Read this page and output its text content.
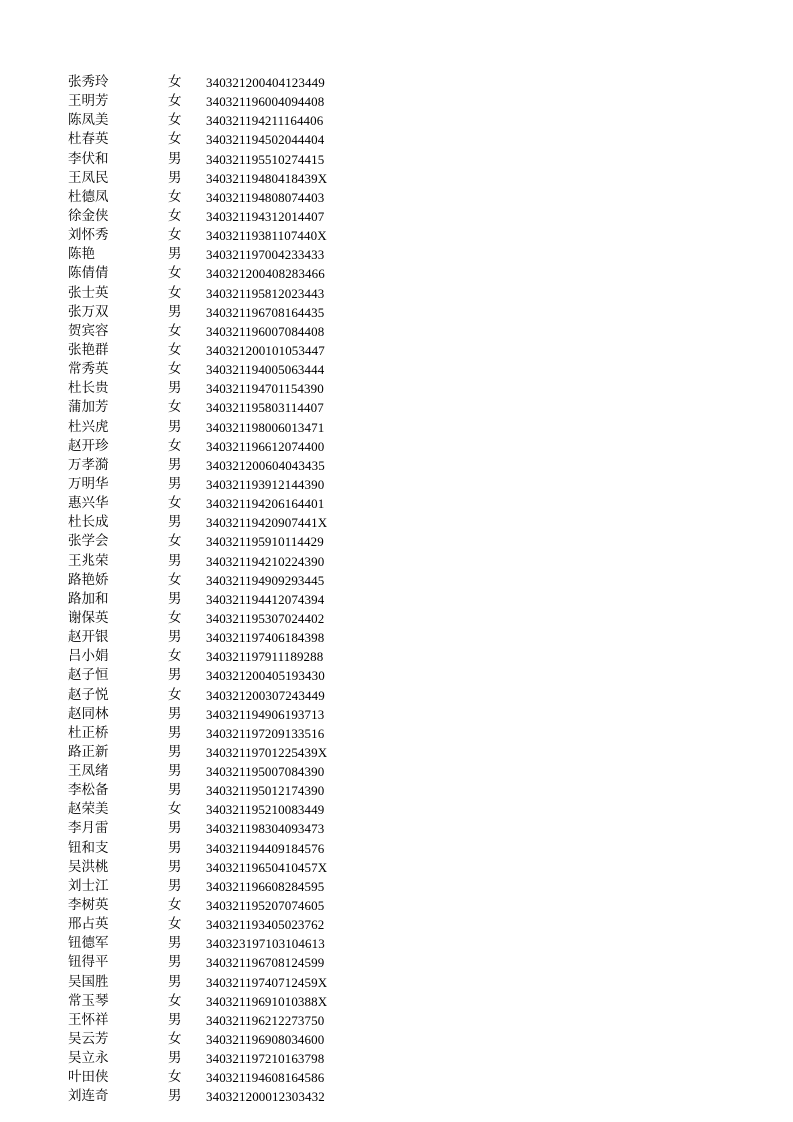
张秀玲	女 340321200404123449
王明芳	女 340321196004094408
陈凤美	女 340321194211164406
杜春英	女 340321194502044404
李伏和	男 340321195510274415
王凤民	男 34032119480418439X
杜德凤	女 340321194808074403
徐金侠	女 340321194312014407
刘怀秀	女 34032119381107440X
陈艳	男 340321197004233433
陈倩倩	女 340321200408283466
张士英	女 340321195812023443
张万双	男 340321196708164435
贺宾容	女 340321196007084408
张艳群	女 340321200101053447
常秀英	女 340321194005063444
杜长贵	男 340321194701154390
蒲加芳	女 340321195803114407
杜兴虎	男 340321198006013471
赵开珍	女 340321196612074400
万孝漪	男 340321200604043435
万明华	男 340321193912144390
惠兴华	女 340321194206164401
杜长成	男 34032119420907441X
张学会	女 340321195910114429
王兆荣	男 340321194210224390
路艳娇	女 340321194909293445
路加和	男 340321194412074394
谢保英	女 340321195307024402
赵开银	男 340321197406184398
吕小娟	女 340321197911189288
赵子恒	男 340321200405193430
赵子悦	女 340321200307243449
赵同林	男 340321194906193713
杜正桥	男 340321197209133516
路正新	男 34032119701225439X
王凤绪	男 340321195007084390
李松备	男 340321195012174390
赵荣美	女 340321195210083449
李月雷	男 340321198304093473
钮和支	男 340321194409184576
吴洪桃	男 34032119650410457X
刘士江	男 340321196608284595
李树英	女 340321195207074605
邢占英	女 340321193405023762
钮德军	男 340323197103104613
钮得平	男 340321196708124599
吴国胜	男 34032119740712459X
常玉琴	女 34032119691010388X
王怀祥	男 340321196212273750
吴云芳	女 340321196908034600
吴立永	男 340321197210163798
叶田侠	女 340321194608164586
刘连奇	男 340321200012303432
